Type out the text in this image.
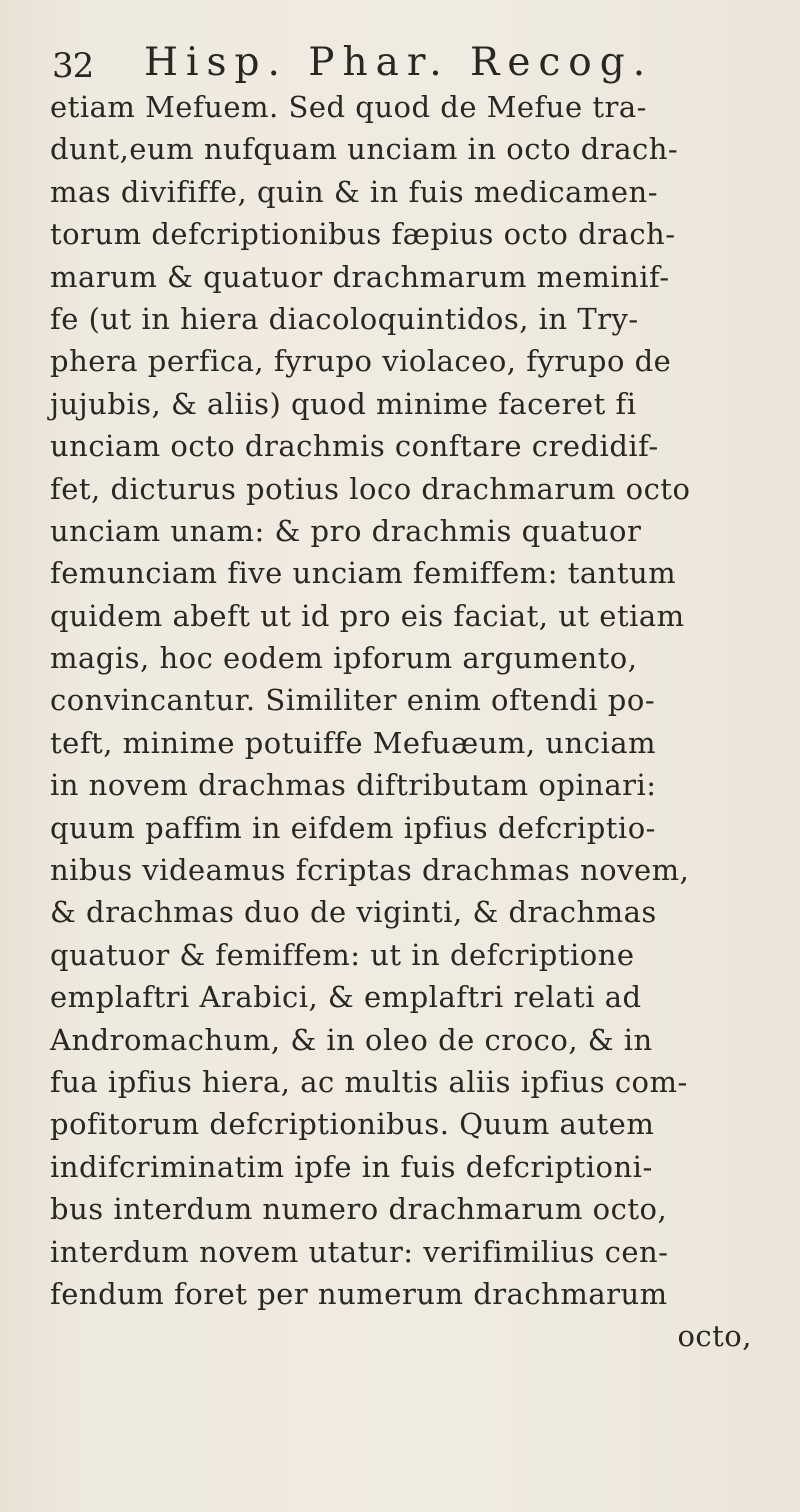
32 Hisp. Phar. Recog.
etiam Mefuem. Sed quod de Mefue tra-
dunt,eum nufquam unciam in octo drach-
mas divififfe, quin & in fuis medicamen-
torum defcriptionibus fæpius octo drach-
marum & quatuor drachmarum meminif-
fe (ut in hiera diacoloquintidos, in Try-
phera perfica, fyrupo violaceo, fyrupo de
jujubis, & aliis) quod minime faceret fi
unciam octo drachmis conftare credidif-
fet, dicturus potius loco drachmarum octo
unciam unam: & pro drachmis quatuor
femunciam five unciam femiffem: tantum
quidem abeft ut id pro eis faciat, ut etiam
magis, hoc eodem ipforum argumento,
convincantur. Similiter enim oftendi po-
teft, minime potuiffe Mefuæum, unciam
in novem drachmas diftributam opinari:
quum paffim in eifdem ipfius defcriptio-
nibus videamus fcriptas drachmas novem,
& drachmas duo de viginti, & drachmas
quatuor & femiffem: ut in defcriptione
emplaftri Arabici, & emplaftri relati ad
Andromachum, & in oleo de croco, & in
fua ipfius hiera, ac multis aliis ipfius com-
pofitorum defcriptionibus. Quum autem
indifcriminatim ipfe in fuis defcriptioni-
bus interdum numero drachmarum octo,
interdum novem utatur: verifimilius cen-
fendum foret per numerum drachmarum
octo,
